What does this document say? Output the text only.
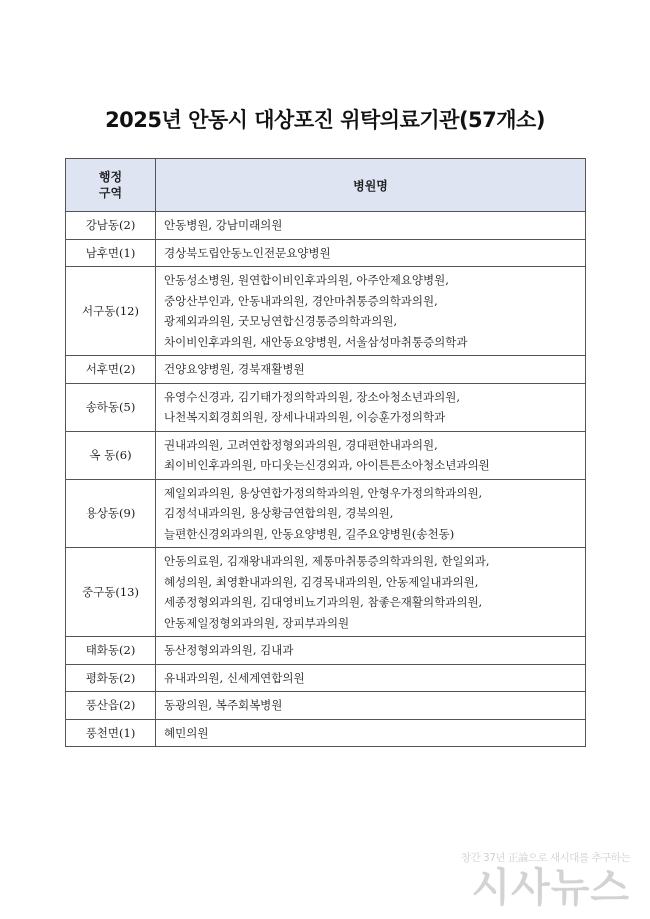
2025년 안동시 대상포진 위탁의료기관(57개소)
행정
구역	병원명
강남동(2)	안동병원, 강남미래의원

남후면(1)	경상북도립안동노인전문요양병원

서구동(12)	안동성소병원, 원연합이비인후과의원, 아주안제요양병원,
중앙산부인과, 안동내과의원, 경안마취통증의학과의원,
광제외과의원, 굿모닝연합신경통증의학과의원,
차이비인후과의원, 새안동요양병원, 서울삼성마취통증의학과

서후면(2)	건양요양병원, 경북재활병원

송하동(5)	유영수신경과, 김기태가정의학과의원, 장소아청소년과의원,
나천복지회경희의원, 장세나내과의원, 이승훈가정의학과

옥 동(6)	권내과의원, 고려연합정형외과의원, 경대편한내과의원,
최이비인후과의원, 마디웃는신경외과, 아이튼튼소아청소년과의원

용상동(9)	제일외과의원, 용상연합가정의학과의원, 안형우가정의학과의원,
김정석내과의원, 용상황금연합의원, 경북의원,
늘편한신경외과의원, 안동요양병원, 길주요양병원(송천동)

중구동(13)	안동의료원, 김재왕내과의원, 제통마취통증의학과의원, 한일외과,
혜성의원, 최영환내과의원, 김경목내과의원, 안동제일내과의원,
세종정형외과의원, 김대영비뇨기과의원, 참좋은재활의학과의원,
안동제일정형외과의원, 장피부과의원

태화동(2)	동산정형외과의원, 김내과

평화동(2)	유내과의원, 신세계연합의원

풍산읍(2)	동광의원, 복주회복병원

풍천면(1)	혜민의원
창간 37년 正論으로 새시대를 추구하는
시사뉴스
